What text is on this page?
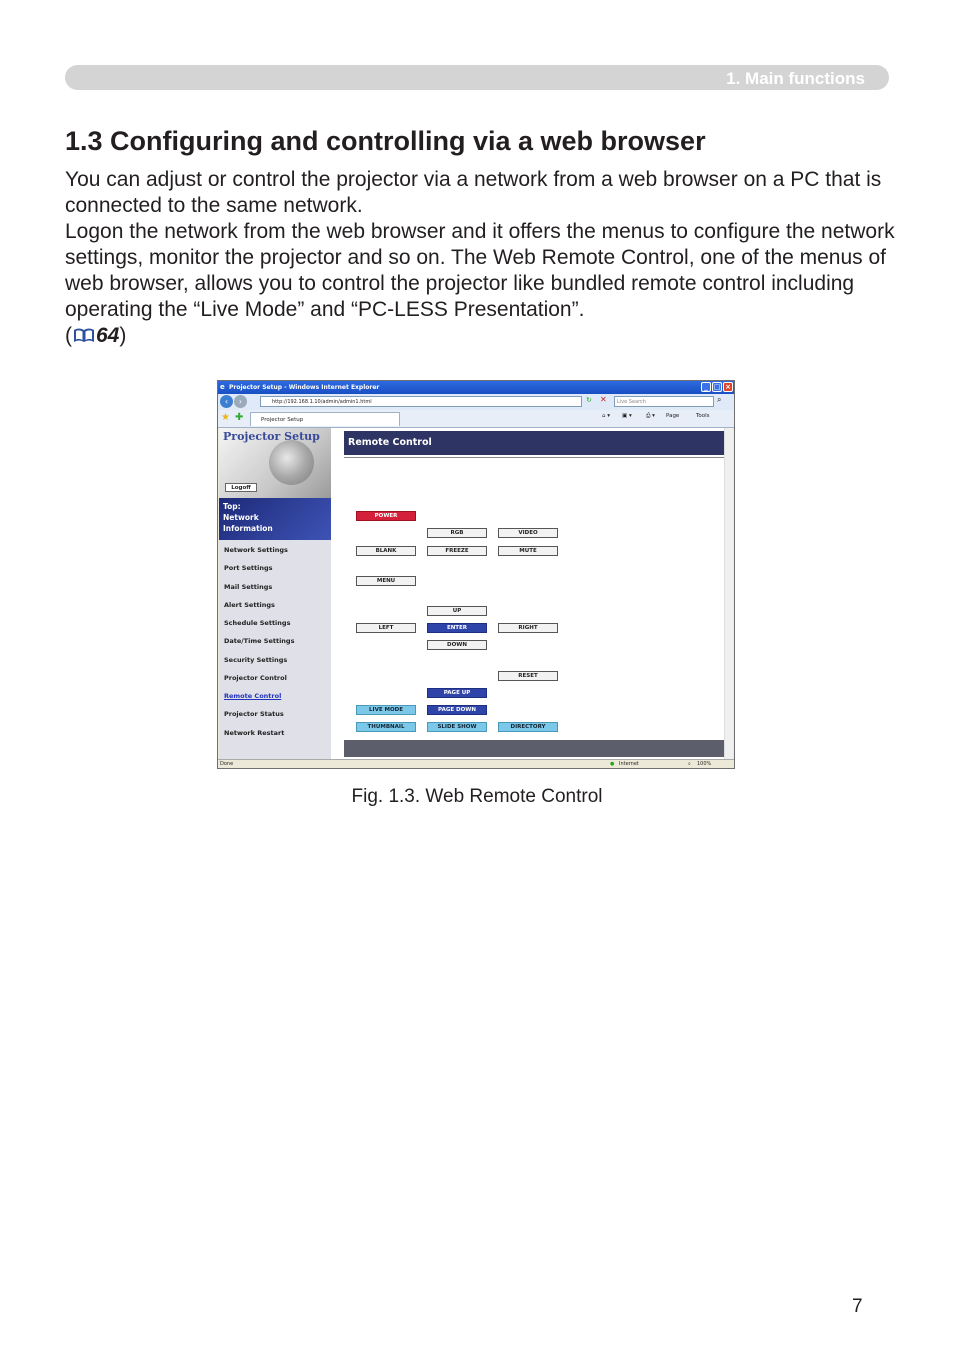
1. Main functions
1.3 Configuring and controlling via a web browser

You can adjust or control the projector via a network from a web browser on a PC that is connected to the same network.

Logon the network from the web browser and it offers the menus to configure the network settings, monitor the projector and so on. The Web Remote Control, one of the menus of web browser, allows you to control the projector like bundled remote control including operating the “Live Mode” and “PC-LESS Presentation”.
( 64)

e Projector Setup - Windows Internet Explorer	_ □ ×
‹	›	http://192.168.1.10/admin/admin1.html	↻ ✕	Live Search	⌕
★ ✚	Projector Setup
⌂ ▾ ▣ ▾	⎙ ▾ Page	Tools
Projector Setup
Logoff
Top:
Network
Information
Network Settings
Port Settings
Mail Settings
Alert Settings
Schedule Settings
Date/Time Settings
Security Settings
Projector Control
Remote Control
Projector Status
Network Restart
Remote Control
POWER
RGB	VIDEO
BLANK	FREEZE	MUTE
MENU
UP
LEFT	ENTER	RIGHT
DOWN
RESET
PAGE UP
LIVE MODE	PAGE DOWN
THUMBNAIL	SLIDE SHOW	DIRECTORY
Done	● Internet	⌕ 100%
Fig. 1.3. Web Remote Control
7
